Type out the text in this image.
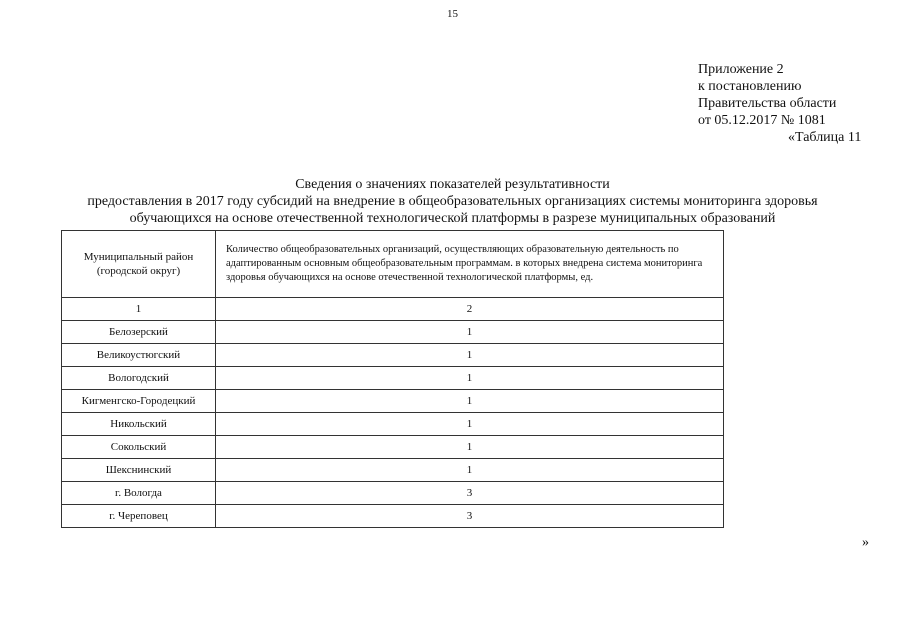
15
Приложение 2
к постановлению
Правительства области
от 05.12.2017 № 1081
«Таблица 11
Сведения о значениях показателей результативности
предоставления в 2017 году субсидий на внедрение в общеобразовательных организациях системы мониторинга здоровья
обучающихся на основе отечественной технологической платформы в разрезе муниципальных образований
Муниципальный район (городской округ)	Количество общеобразовательных организаций, осуществляющих образовательную деятельность по адаптированным основным общеобразовательным программам. в которых внедрена система мониторинга здоровья обучающихся на основе отечественной технологической платформы, ед.
1	2
Белозерский	1
Великоустюгский	1
Вологодский	1
Кигменгско-Городецкий	1
Никольский	1
Сокольский	1
Шекснинский	1
г. Вологда	3
г. Череповец	3
»
